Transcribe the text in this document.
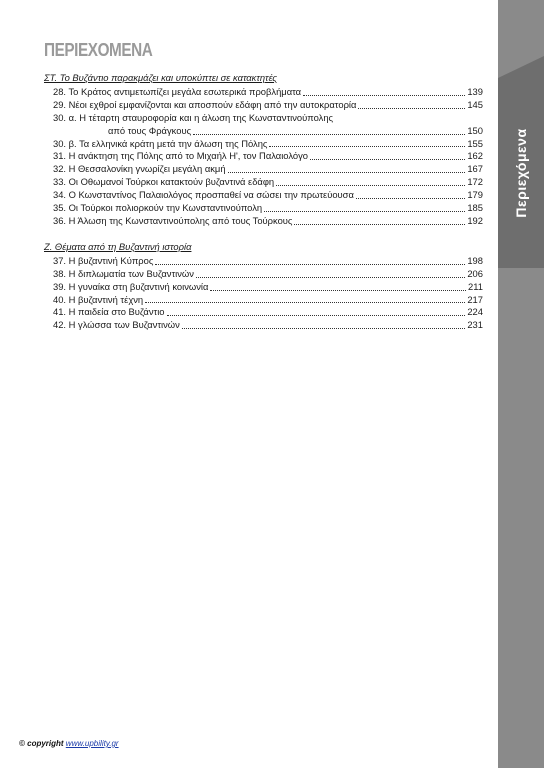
Περιεχόμενα
ΠΕΡΙΕΧΟΜΕΝΑ
ΣΤ. Το Βυζάντιο παρακμάζει και υποκύπτει σε κατακτητές
28. Το Κράτος αντιμετωπίζει μεγάλα εσωτερικά προβλήματα	139
29. Νέοι εχθροί εμφανίζονται και αποσπούν εδάφη από την αυτοκρατορία	145
30. α. Η τέταρτη σταυροφορία και η άλωση της Κωνσταντινούπολης
από τους Φράγκους	150
30. β. Τα ελληνικά κράτη μετά την άλωση της Πόλης	155
31. Η ανάκτηση της Πόλης από το Μιχαήλ Η', τον Παλαιολόγο	162
32. Η Θεσσαλονίκη γνωρίζει μεγάλη ακμή	167
33. Οι Οθωμανοί Τούρκοι κατακτούν βυζαντινά εδάφη	172
34. Ο Κωνσταντίνος Παλαιολόγος προσπαθεί να σώσει την πρωτεύουσα	179
35. Οι Τούρκοι πολιορκούν την Κωνσταντινούπολη	185
36. Η Άλωση της Κωνσταντινούπολης από τους Τούρκους	192
Ζ. Θέματα από τη Βυζαντινή ιστορία
37. Η βυζαντινή Κύπρος	198
38. Η διπλωματία των Βυζαντινών	206
39. Η γυναίκα στη βυζαντινή κοινωνία	211
40. Η βυζαντινή τέχνη	217
41. Η παιδεία στο Βυζάντιο	224
42. Η γλώσσα των Βυζαντινών	231
© copyright www.upbility.gr
